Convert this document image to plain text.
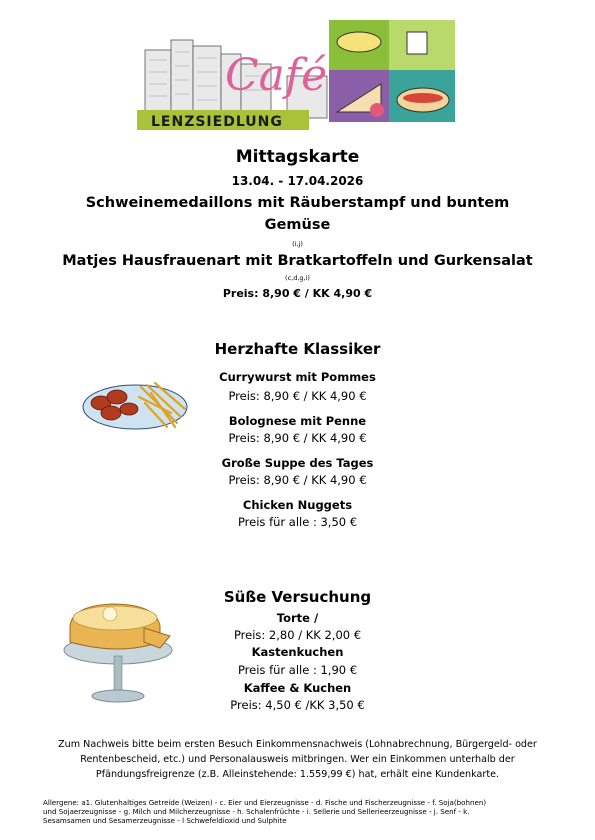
LENZSIEDLUNG
Café
Mittagskarte
13.04. - 17.04.2026
Schweinemedaillons mit Räuberstampf und buntem
Gemüse
(i,j)
Matjes Hausfrauenart mit Bratkartoffeln und Gurkensalat
(c,d,g,i)
Preis: 8,90 € / KK 4,90 €
Herzhafte Klassiker
Currywurst mit Pommes
Preis: 8,90 € / KK 4,90 €
Bolognese mit Penne
Preis: 8,90 € / KK 4,90 €
Große Suppe des Tages
Preis: 8,90 € / KK 4,90 €
Chicken Nuggets
Preis für alle : 3,50 €
Süße Versuchung
Torte /
Preis: 2,80 / KK 2,00 €
Kastenkuchen
Preis für alle : 1,90 €
Kaffee & Kuchen
Preis: 4,50 € /KK 3,50 €
Zum Nachweis bitte beim ersten Besuch Einkommensnachweis (Lohnabrechnung, Bürgergeld- oder
Rentenbescheid, etc.) und Personalausweis mitbringen. Wer ein Einkommen unterhalb der
Pfändungsfreigrenze (z.B. Alleinstehende: 1.559,99 €) hat, erhält eine Kundenkarte.
Allergene: a1. Glutenhaltiges Getreide (Weizen) - c. Eier und Eierzeugnisse - d. Fische und Fischerzeugnisse - f. Soja(bohnen)
und Sojaerzeugnisse - g. Milch und Milcherzeugnisse - h. Schalenfrüchte - i. Sellerie und Sellerieerzeugnisse - j. Senf - k.
Sesamsamen und Sesamerzeugnisse - l Schwefeldioxid und Sulphite
